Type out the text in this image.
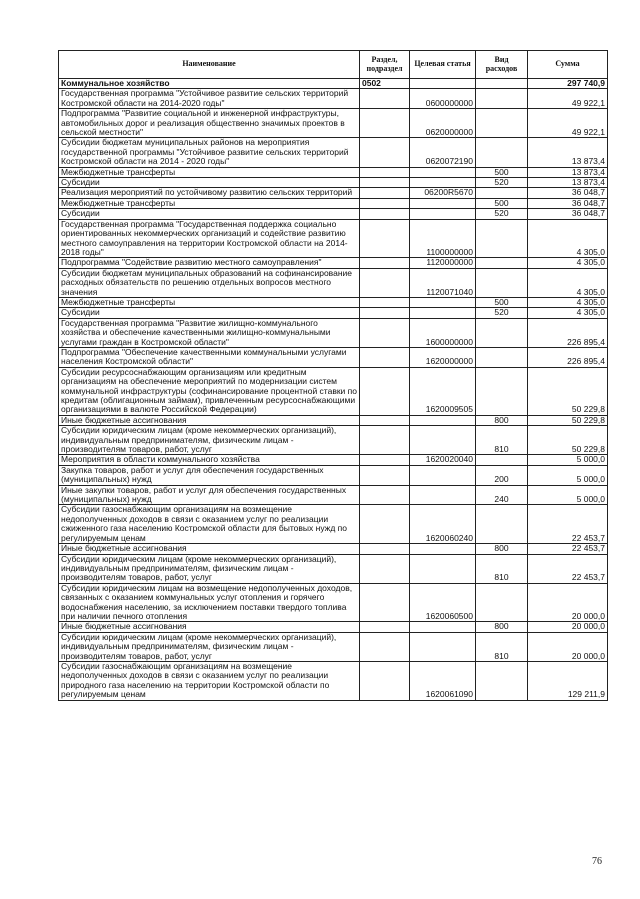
Наименование	Раздел, подраздел	Целевая статья	Вид расходов	Сумма
Коммунальное хозяйство	0502			297 740,9
Государственная программа "Устойчивое развитие сельских территорий Костромской области на 2014-2020 годы"		0600000000		49 922,1
Подпрограмма "Развитие социальной и инженерной инфраструктуры, автомобильных дорог и реализация общественно значимых проектов в сельской местности"		0620000000		49 922,1
Субсидии бюджетам муниципальных районов на мероприятия государственной программы "Устойчивое развитие сельских территорий Костромской области на 2014 - 2020 годы"		0620072190		13 873,4
Межбюджетные трансферты			500	13 873,4
Субсидии			520	13 873,4
Реализация мероприятий по устойчивому развитию сельских территорий		06200R5670		36 048,7
Межбюджетные трансферты			500	36 048,7
Субсидии			520	36 048,7
Государственная программа "Государственная поддержка социально ориентированных некоммерческих организаций и содействие развитию местного самоуправления на территории Костромской области на 2014-2018 годы"		1100000000		4 305,0
Подпрограмма "Содействие развитию местного самоуправления"		1120000000		4 305,0
Субсидии бюджетам муниципальных образований на софинансирование расходных обязательств по решению отдельных вопросов местного значения		1120071040		4 305,0
Межбюджетные трансферты			500	4 305,0
Субсидии			520	4 305,0
Государственная программа "Развитие жилищно-коммунального хозяйства и обеспечение качественными жилищно-коммунальными услугами граждан в Костромской области"		1600000000		226 895,4
Подпрограмма "Обеспечение качественными коммунальными услугами населения Костромской области"		1620000000		226 895,4
Субсидии ресурсоснабжающим организациям или кредитным организациям на обеспечение мероприятий по модернизации систем коммунальной инфраструктуры (софинансирование процентной ставки по кредитам (облигационным займам), привлеченным ресурсоснабжающими организациями в валюте Российской Федерации)		1620009505		50 229,8
Иные бюджетные ассигнования			800	50 229,8
Субсидии юридическим лицам (кроме некоммерческих организаций), индивидуальным предпринимателям, физическим лицам - производителям товаров, работ, услуг			810	50 229,8
Мероприятия в области коммунального хозяйства		1620020040		5 000,0
Закупка товаров, работ и услуг для обеспечения государственных (муниципальных) нужд			200	5 000,0
Иные закупки товаров, работ и услуг для обеспечения государственных (муниципальных) нужд			240	5 000,0
Субсидии газоснабжающим организациям на возмещение недополученных доходов в связи с оказанием услуг по реализации сжиженного газа населению Костромской области для бытовых нужд по регулируемым ценам		1620060240		22 453,7
Иные бюджетные ассигнования			800	22 453,7
Субсидии юридическим лицам (кроме некоммерческих организаций), индивидуальным предпринимателям, физическим лицам - производителям товаров, работ, услуг			810	22 453,7
Субсидии юридическим лицам на возмещение недополученных доходов, связанных с оказанием коммунальных услуг отопления и горячего водоснабжения населению, за исключением поставки твердого топлива при наличии печного отопления		1620060500		20 000,0
Иные бюджетные ассигнования			800	20 000,0
Субсидии юридическим лицам (кроме некоммерческих организаций), индивидуальным предпринимателям, физическим лицам - производителям товаров, работ, услуг			810	20 000,0
Субсидии газоснабжающим организациям на возмещение недополученных доходов в связи с оказанием услуг по реализации природного газа населению на территории Костромской области по регулируемым ценам		1620061090		129 211,9
76
